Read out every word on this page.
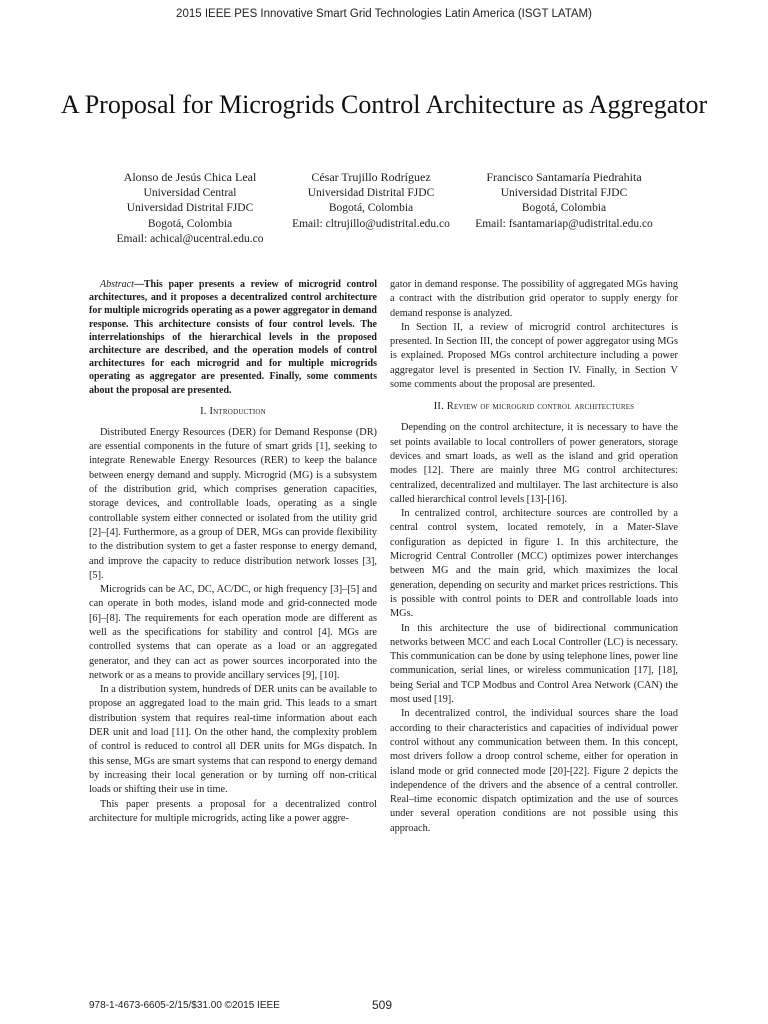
2015 IEEE PES Innovative Smart Grid Technologies Latin America (ISGT LATAM)
A Proposal for Microgrids Control Architecture as Aggregator
Alonso de Jesús Chica Leal
Universidad Central
Universidad Distrital FJDC
Bogotá, Colombia
Email: achical@ucentral.edu.co
César Trujillo Rodríguez
Universidad Distrital FJDC
Bogotá, Colombia
Email: cltrujillo@udistrital.edu.co
Francisco Santamaría Piedrahita
Universidad Distrital FJDC
Bogotá, Colombia
Email: fsantamariap@udistrital.edu.co

Abstract—This paper presents a review of microgrid control architectures, and it proposes a decentralized control architecture for multiple microgrids operating as a power aggregator in demand response. This architecture consists of four control levels. The interrelationships of the hierarchical levels in the proposed architecture are described, and the operation models of control architectures for each microgrid and for multiple microgrids operating as aggregator are presented. Finally, some comments about the proposal are presented.

I. Introduction

Distributed Energy Resources (DER) for Demand Response (DR) are essential components in the future of smart grids [1], seeking to integrate Renewable Energy Resources (RER) to keep the balance between energy demand and supply. Microgrid (MG) is a subsystem of the distribution grid, which comprises generation capacities, storage devices, and controllable loads, operating as a single controllable system either connected or isolated from the utility grid [2]–[4]. Furthermore, as a group of DER, MGs can provide flexibility to the distribution system to get a faster response to energy demand, and improve the capacity to reduce distribution network losses [3],[5].

Microgrids can be AC, DC, AC/DC, or high frequency [3]–[5] and can operate in both modes, island mode and grid-connected mode [6]–[8]. The requirements for each operation mode are different as well as the specifications for stability and control [4]. MGs are controlled systems that can operate as a load or an aggregated generator, and they can act as power sources incorporated into the network or as a means to provide ancillary services [9], [10].

In a distribution system, hundreds of DER units can be available to propose an aggregated load to the main grid. This leads to a smart distribution system that requires real-time information about each DER unit and load [11]. On the other hand, the complexity problem of control is reduced to control all DER units for MGs dispatch. In this sense, MGs are smart systems that can respond to energy demand by increasing their local generation or by turning off non-critical loads or shifting their use in time.

This paper presents a proposal for a decentralized control architecture for multiple microgrids, acting like a power aggre-

gator in demand response. The possibility of aggregated MGs having a contract with the distribution grid operator to supply energy for demand response is analyzed.

In Section II, a review of microgrid control architectures is presented. In Section III, the concept of power aggregator using MGs is explained. Proposed MGs control architecture including a power aggregator level is presented in Section IV. Finally, in Section V some comments about the proposal are presented.

II. Review of microgrid control architectures

Depending on the control architecture, it is necessary to have the set points available to local controllers of power generators, storage devices and smart loads, as well as the island and grid operation modes [12]. There are mainly three MG control architectures: centralized, decentralized and multilayer. The last architecture is also called hierarchical control levels [13]-[16].

In centralized control, architecture sources are controlled by a central control system, located remotely, in a Mater-Slave configuration as depicted in figure 1. In this architecture, the Microgrid Central Controller (MCC) optimizes power interchanges between MG and the main grid, which maximizes the local generation, depending on security and market prices restrictions. This is possible with control points to DER and controllable loads into MGs.

In this architecture the use of bidirectional communication networks between MCC and each Local Controller (LC) is necessary. This communication can be done by using telephone lines, power line communication, serial lines, or wireless communication [17], [18], being Serial and TCP Modbus and Control Area Network (CAN) the most used [19].

In decentralized control, the individual sources share the load according to their characteristics and capacities of individual power control without any communication between them. In this concept, most drivers follow a droop control scheme, either for operation in island mode or grid connected mode [20]-[22]. Figure 2 depicts the independence of the drivers and the absence of a central controller. Real–time economic dispatch optimization and the use of sources under several operation conditions are not possible using this approach.

978-1-4673-6605-2/15/$31.00 ©2015 IEEE	509
